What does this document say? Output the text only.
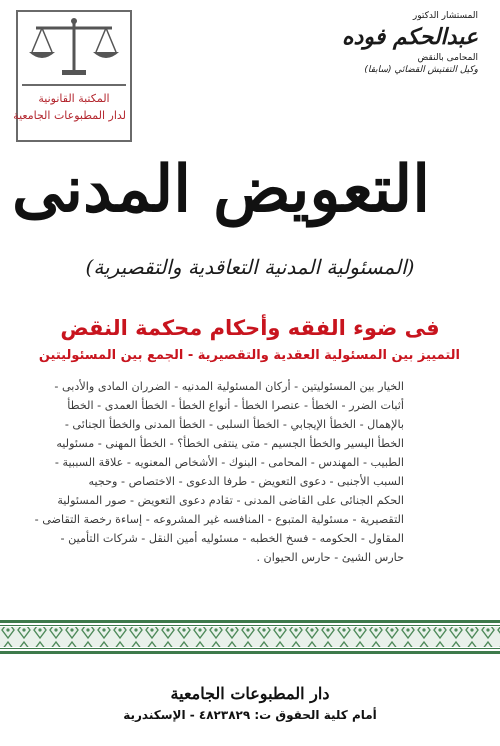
المكتبة القانونية
لدار المطبوعات الجامعية
المستشار الدكتور
عبدالحكم فوده
المحامى بالنقض
وكيل التفتيش القضائي (سابقا)
التعويض المدنى
(المسئولية المدنية التعاقدية والتقصيرية)
فى ضوء الفقه وأحكام محكمة النقض
التمييز بين المسئولية العقدية والتقصيرية - الجمع بين المسئوليتين
الخيار بين المسئوليتين - أركان المسئولية المدنيه - الضرران المادى والأدبى -
أثبات الضرر - الخطأ - عنصرا الخطأ - أنواع الخطأ - الخطأ العمدى - الخطأ
بالإهمال - الخطأ الإيجابي - الخطأ السلبى - الخطأ المدنى والخطأ الجنائى -
الخطأ اليسير والخطأ الجسيم - متى ينتفى الخطأ؟ - الخطأ المهنى - مسئوليه
الطبيب - المهندس - المحامى - البنوك - الأشخاص المعنويه - علاقة السببية -
السبب الأجنبى - دعوى التعويض - طرفا الدعوى - الاختصاص - وحجيه
الحكم الجنائى على القاضى المدنى - تقادم دعوى التعويض - صور المسئولية
التقصيرية - مسئولية المتبوع - المنافسه غير المشروعه - إساءة رخصة التقاضى -
المقاول - الحكومه - فسخ الخطبه - مسئوليه أمين النقل - شركات التأمين -
حارس الشيئ - حارس الحيوان .
دار المطبوعات الجامعية
أمام كلية الحقوق ت: ٤٨٢٣٨٢٩ - الإسكندرية
